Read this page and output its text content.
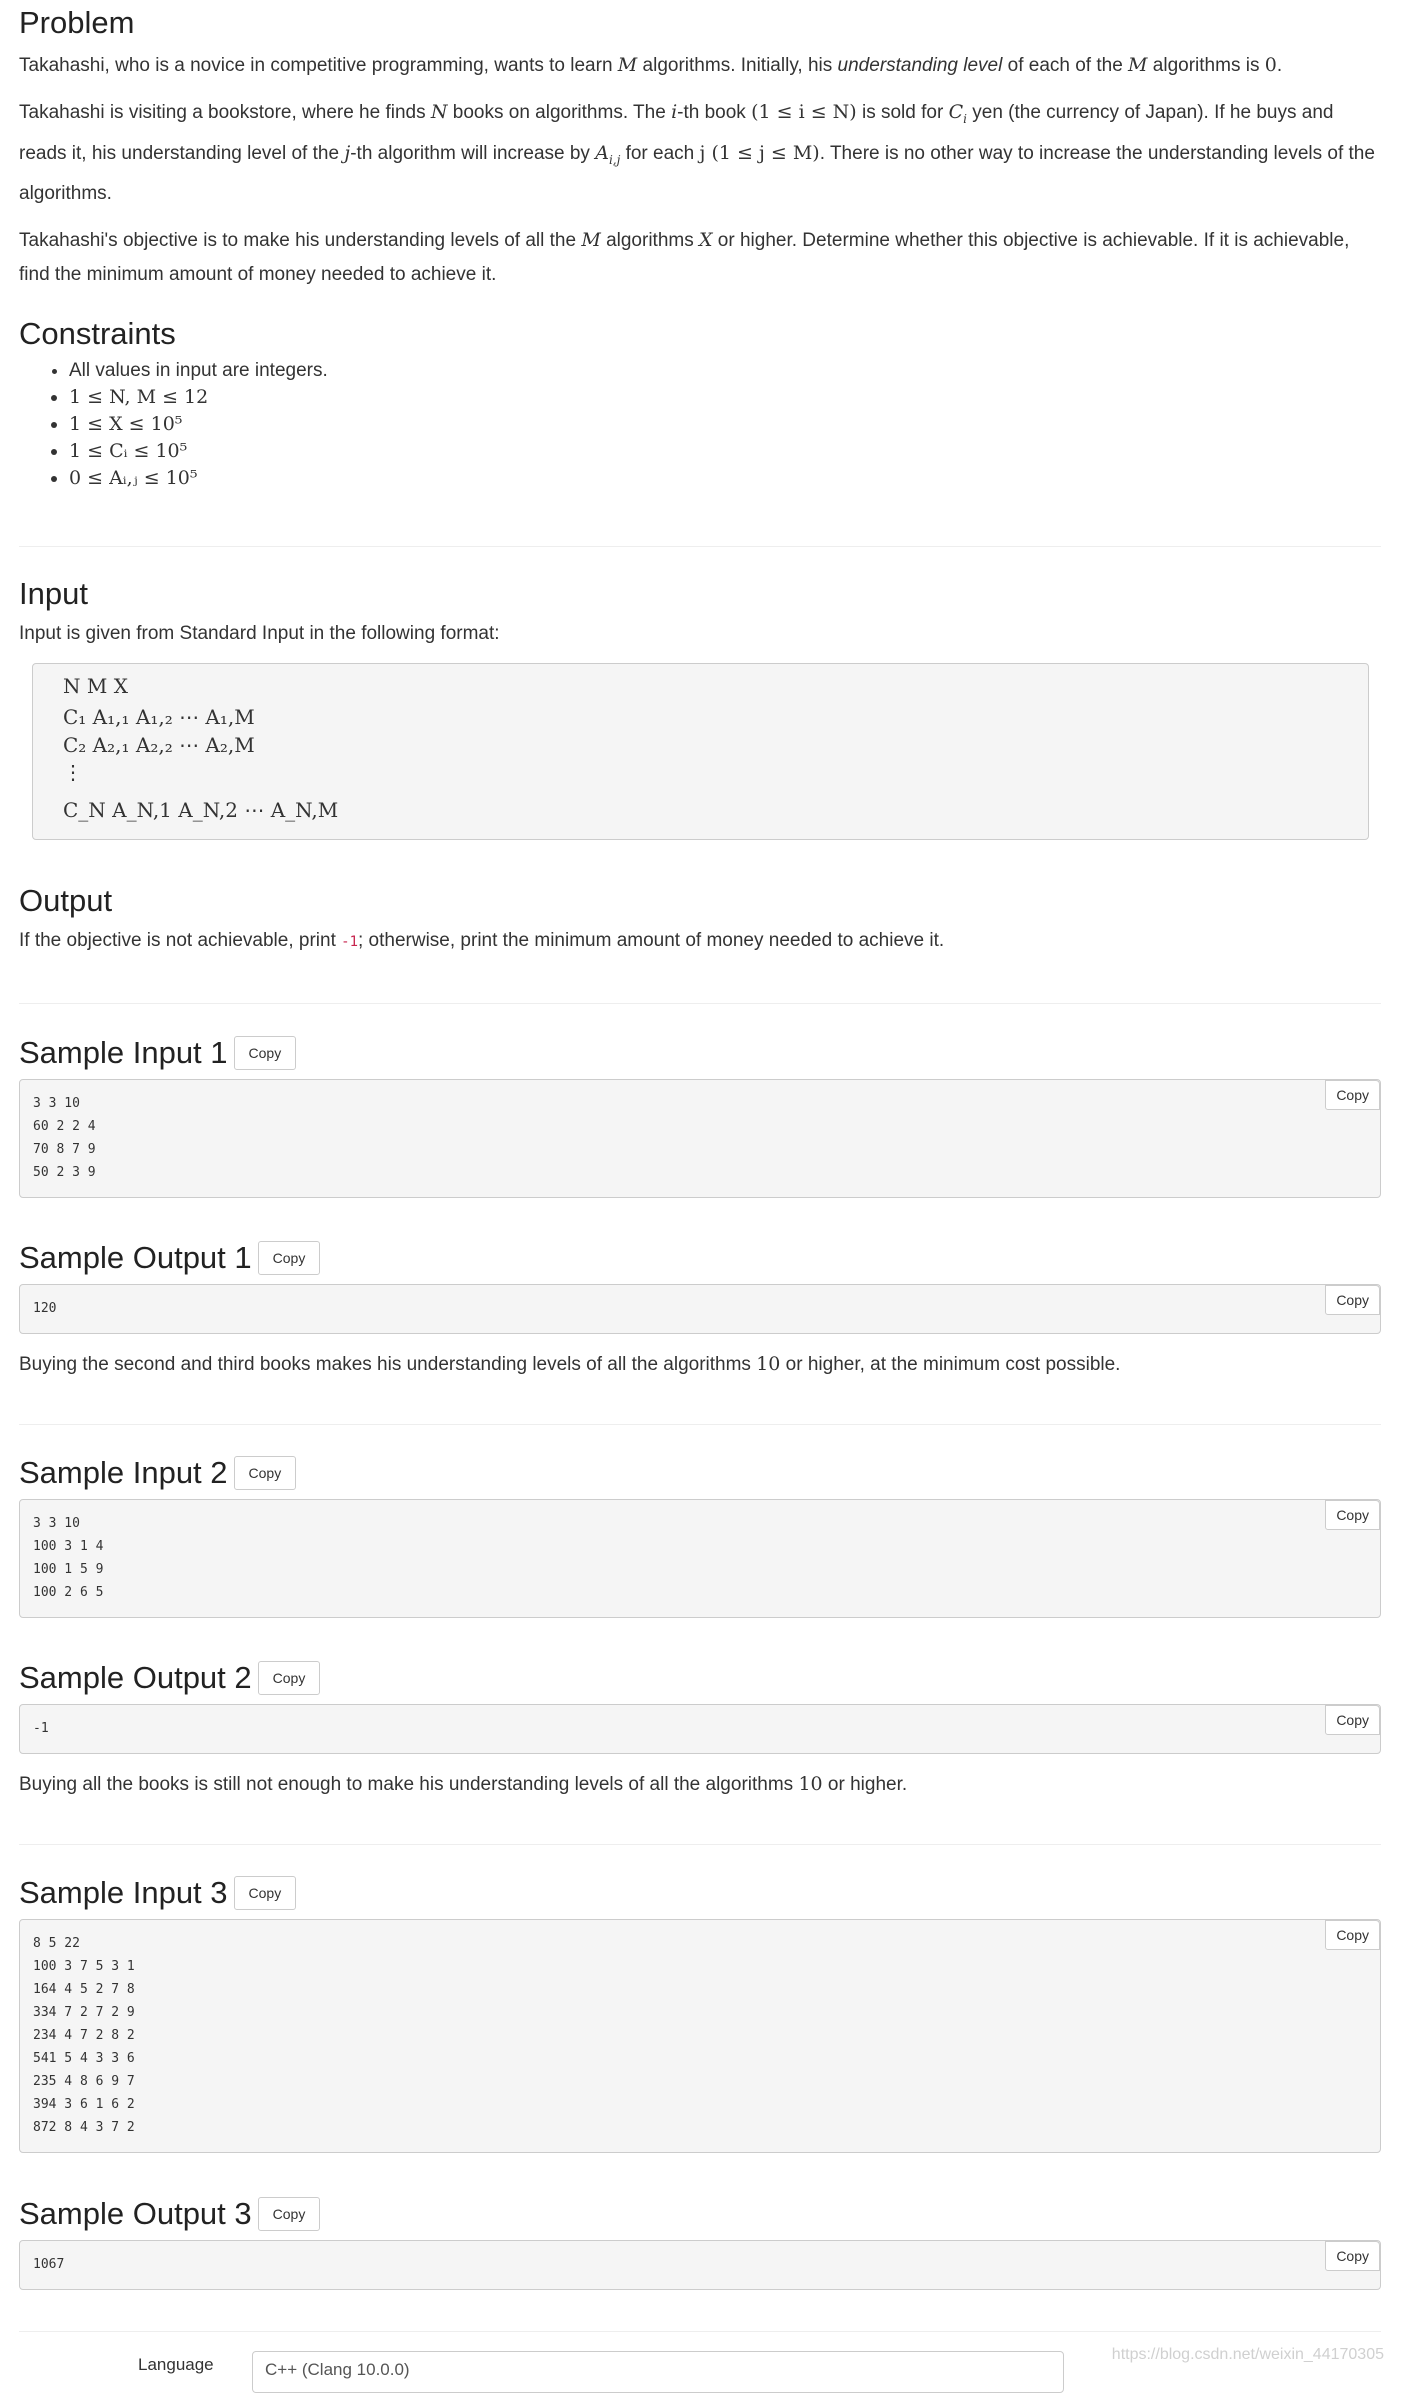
Problem

Takahashi, who is a novice in competitive programming, wants to learn M algorithms. Initially, his understanding level of each of the M algorithms is 0.

Takahashi is visiting a bookstore, where he finds N books on algorithms. The i-th book (1 ≤ i ≤ N) is sold for $C_i$ yen (the currency of Japan). If he buys and reads it, his understanding level of the j-th algorithm will increase by $A_{i,j}$ for each j (1 ≤ j ≤ M). There is no other way to increase the understanding levels of the algorithms.

Takahashi's objective is to make his understanding levels of all the M algorithms X or higher. Determine whether this objective is achievable. If it is achievable, find the minimum amount of money needed to achieve it.

Constraints
• All values in input are integers.
• 1 ≤ N, M ≤ 12
• 1 ≤ X ≤ 10⁵
• 1 ≤ Cᵢ ≤ 10⁵
• 0 ≤ Aᵢ,ⱼ ≤ 10⁵
Input

Input is given from Standard Input in the following format:

N M X
C₁ A₁,₁ A₁,₂ ⋯ A₁,M
C₂ A₂,₁ A₂,₂ ⋯ A₂,M
⋮
C_N A_N,1 A_N,2 ⋯ A_N,M
Output

If the objective is not achievable, print -1; otherwise, print the minimum amount of money needed to achieve it.

Sample Input 1	Copy
Copy
3 3 10
60 2 2 4
70 8 7 9
50 2 3 9
Sample Output 1	Copy
Copy
120

Buying the second and third books makes his understanding levels of all the algorithms 10 or higher, at the minimum cost possible.

Sample Input 2	Copy
Copy
3 3 10
100 3 1 4
100 1 5 9
100 2 6 5
Sample Output 2	Copy
Copy
-1

Buying all the books is still not enough to make his understanding levels of all the algorithms 10 or higher.

Sample Input 3	Copy
Copy
8 5 22
100 3 7 5 3 1
164 4 5 2 7 8
334 7 2 7 2 9
234 4 7 2 8 2
541 5 4 3 3 6
235 4 8 6 9 7
394 3 6 1 6 2
872 8 4 3 7 2
Sample Output 3	Copy
Copy
1067
Language	C++ (Clang 10.0.0)
https://blog.csdn.net/weixin_44170305
